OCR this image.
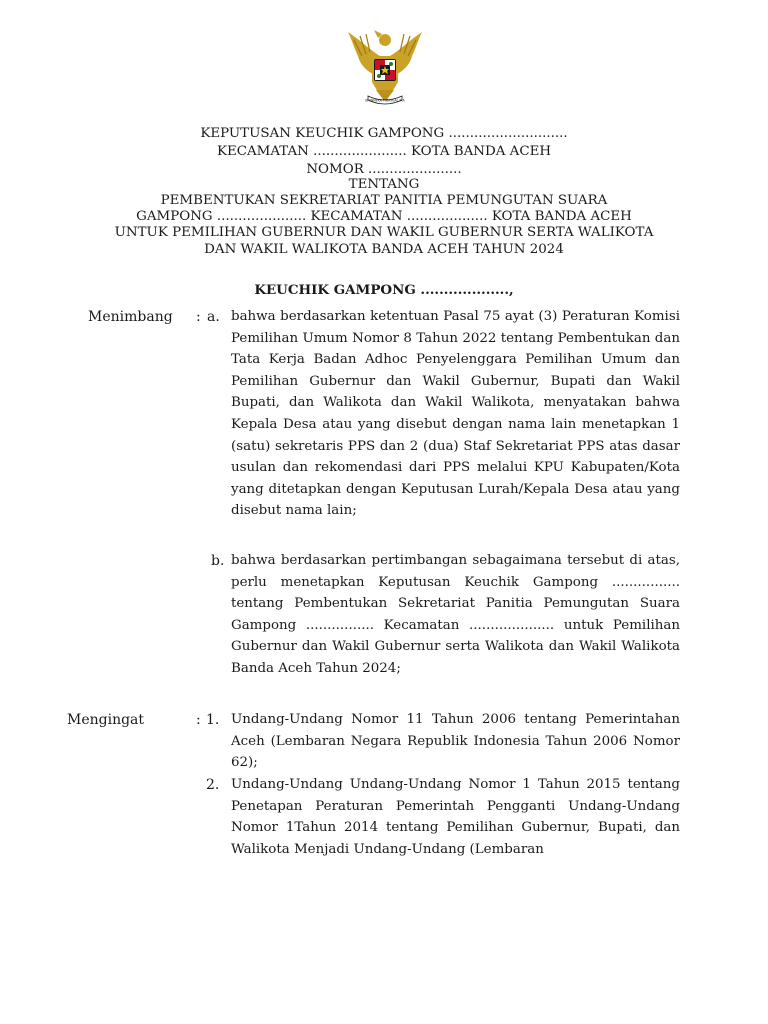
BHINNEKA TUNGGAL IKA
KEPUTUSAN KEUCHIK GAMPONG ............................
KECAMATAN ...................... KOTA BANDA ACEH
NOMOR ......................
TENTANG
PEMBENTUKAN SEKRETARIAT PANITIA PEMUNGUTAN SUARA
GAMPONG ..................... KECAMATAN ................... KOTA BANDA ACEH
UNTUK PEMILIHAN GUBERNUR DAN WAKIL GUBERNUR SERTA WALIKOTA
DAN WAKIL WALIKOTA BANDA ACEH TAHUN 2024
KEUCHIK GAMPONG ...................,
Menimbang : a. bahwa berdasarkan ketentuan Pasal 75 ayat (3) Peraturan Komisi Pemilihan Umum Nomor 8 Tahun 2022 tentang Pembentukan dan Tata Kerja Badan Adhoc Penyelenggara Pemilihan Umum dan Pemilihan Gubernur dan Wakil Gubernur, Bupati dan Wakil Bupati, dan Walikota dan Wakil Walikota, menyatakan bahwa Kepala Desa atau yang disebut dengan nama lain menetapkan 1 (satu) sekretaris PPS dan 2 (dua) Staf Sekretariat PPS atas dasar usulan dan rekomendasi dari PPS melalui KPU Kabupaten/Kota yang ditetapkan dengan Keputusan Lurah/Kepala Desa atau yang disebut nama lain;
b. bahwa berdasarkan pertimbangan sebagaimana tersebut di atas, perlu menetapkan Keputusan Keuchik Gampong ................ tentang Pembentukan Sekretariat Panitia Pemungutan Suara Gampong ................ Kecamatan .................... untuk Pemilihan Gubernur dan Wakil Gubernur serta Walikota dan Wakil Walikota Banda Aceh Tahun 2024;
Mengingat	: 1. Undang-Undang Nomor 11 Tahun 2006 tentang Pemerintahan Aceh (Lembaran Negara Republik Indonesia Tahun 2006 Nomor 62);
2. Undang-Undang Undang-Undang Nomor 1 Tahun 2015 tentang Penetapan Peraturan Pemerintah Pengganti Undang-Undang Nomor 1Tahun 2014 tentang Pemilihan Gubernur, Bupati, dan Walikota Menjadi Undang-Undang (Lembaran
